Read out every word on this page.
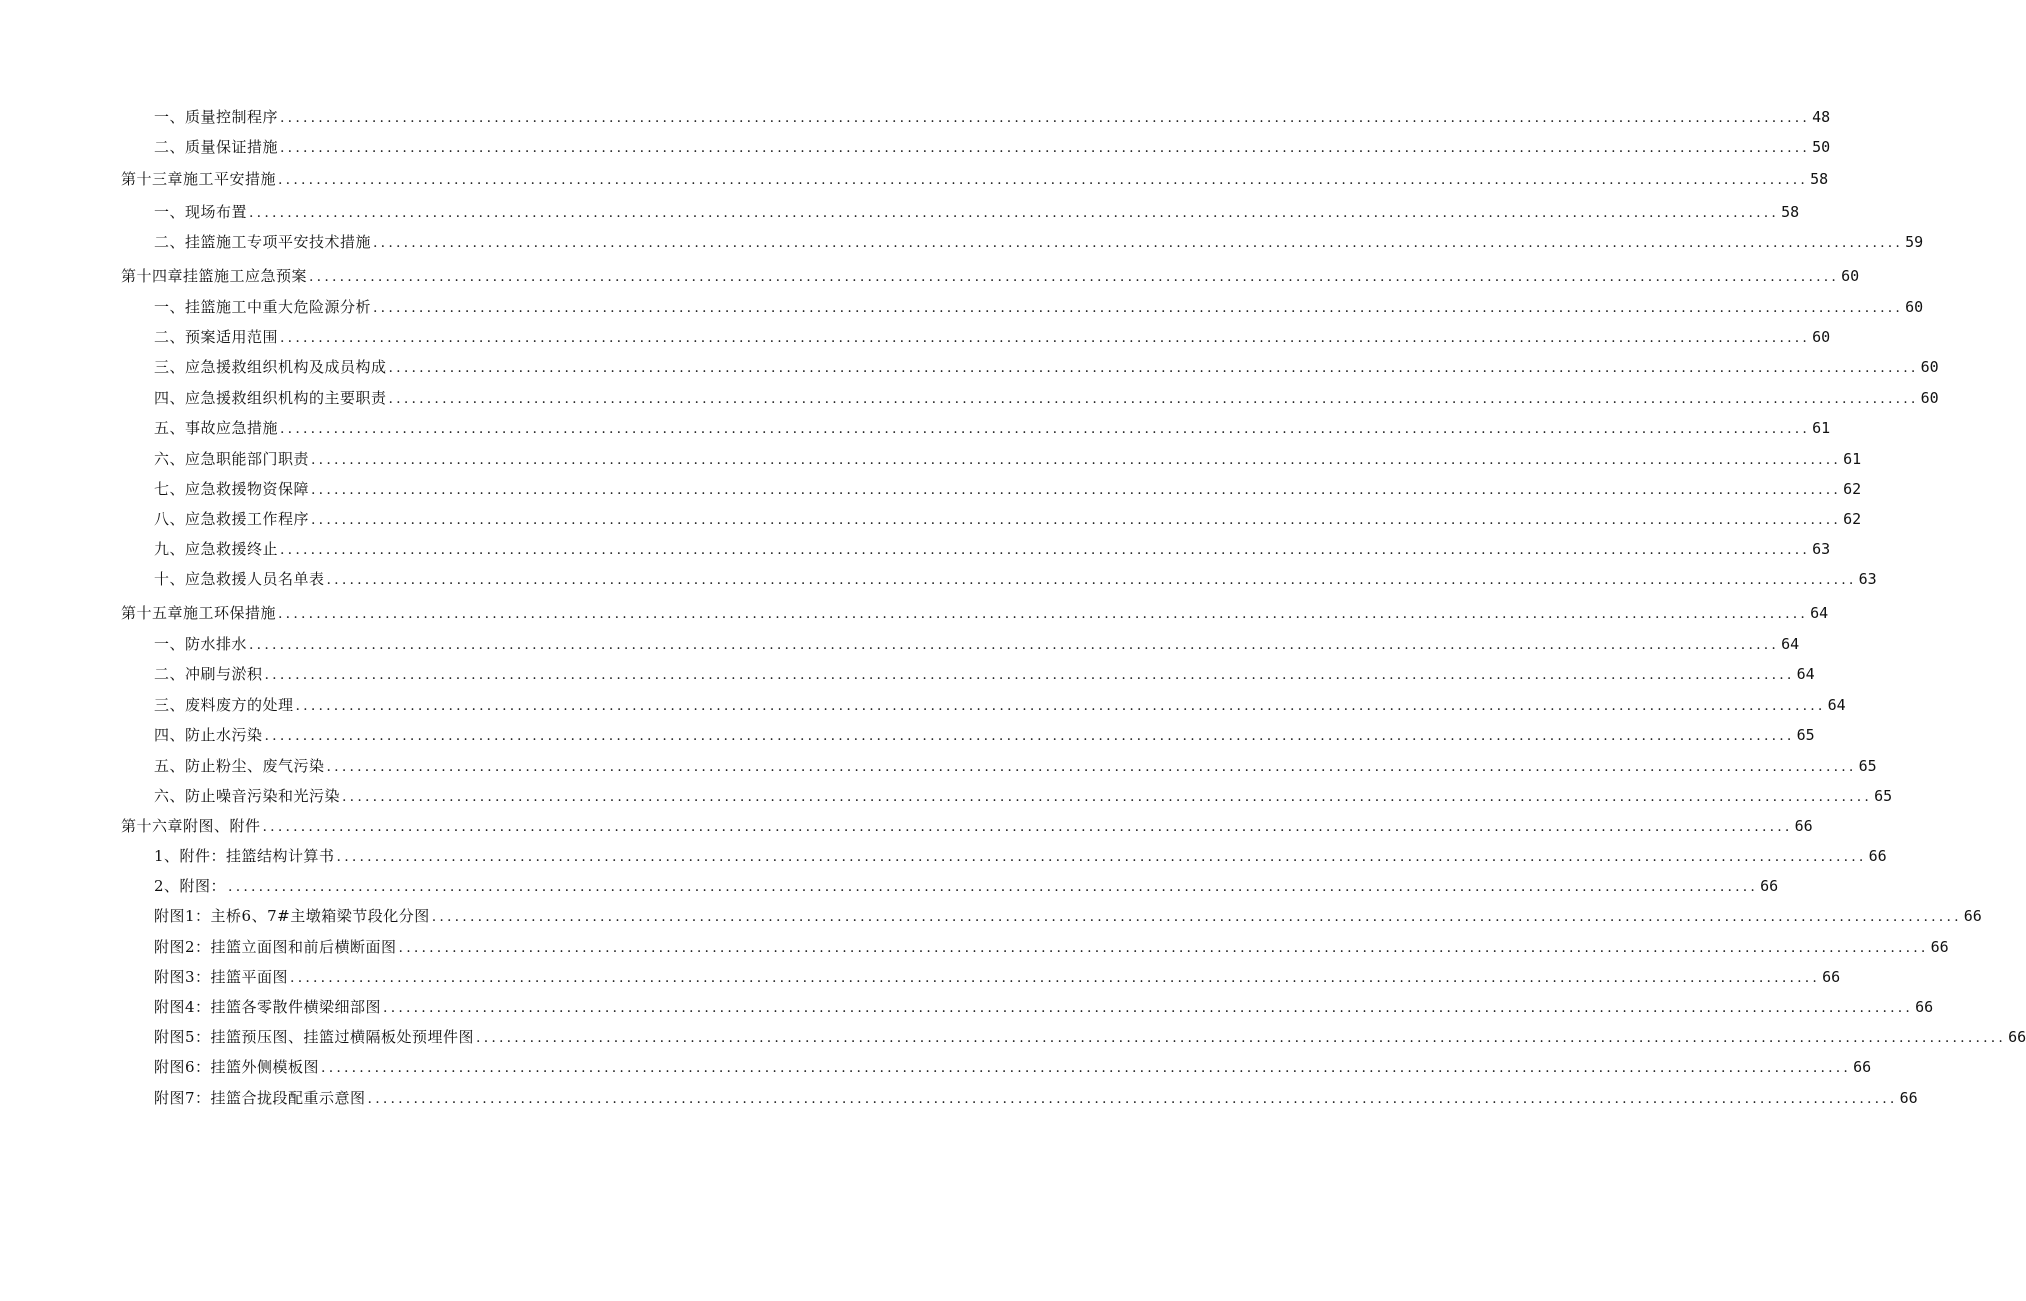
一、质量控制程序 ........................................................................................................................................................................................................ 48
二、质量保证措施 ........................................................................................................................................................................................................ 50
第十三章施工平安措施 ........................................................................................................................................................................................................ 58
一、现场布置 ........................................................................................................................................................................................................ 58
二、挂篮施工专项平安技术措施 ........................................................................................................................................................................................................ 59
第十四章挂篮施工应急预案 ........................................................................................................................................................................................................ 60
一、挂篮施工中重大危险源分析 ........................................................................................................................................................................................................ 60
二、预案适用范围 ........................................................................................................................................................................................................ 60
三、应急援救组织机构及成员构成 ........................................................................................................................................................................................................ 60
四、应急援救组织机构的主要职责 ........................................................................................................................................................................................................ 60
五、事故应急措施 ........................................................................................................................................................................................................ 61
六、应急职能部门职责 ........................................................................................................................................................................................................ 61
七、应急救援物资保障 ........................................................................................................................................................................................................ 62
八、应急救援工作程序 ........................................................................................................................................................................................................ 62
九、应急救援终止 ........................................................................................................................................................................................................ 63
十、应急救援人员名单表 ........................................................................................................................................................................................................ 63
第十五章施工环保措施 ........................................................................................................................................................................................................ 64
一、防水排水 ........................................................................................................................................................................................................ 64
二、冲刷与淤积 ........................................................................................................................................................................................................ 64
三、废料废方的处理 ........................................................................................................................................................................................................ 64
四、防止水污染 ........................................................................................................................................................................................................ 65
五、防止粉尘、废气污染 ........................................................................................................................................................................................................ 65
六、防止噪音污染和光污染 ........................................................................................................................................................................................................ 65
第十六章附图、附件 ........................................................................................................................................................................................................ 66
1、附件：挂篮结构计算书 ........................................................................................................................................................................................................ 66
2、附图： ........................................................................................................................................................................................................ 66
附图1：主桥6、7#主墩箱梁节段化分图 ........................................................................................................................................................................................................ 66
附图2：挂篮立面图和前后横断面图 ........................................................................................................................................................................................................ 66
附图3：挂篮平面图 ........................................................................................................................................................................................................ 66
附图4：挂篮各零散件横梁细部图 ........................................................................................................................................................................................................ 66
附图5：挂篮预压图、挂篮过横隔板处预埋件图 ........................................................................................................................................................................................................ 66
附图6：挂篮外侧模板图 ........................................................................................................................................................................................................ 66
附图7：挂篮合拢段配重示意图 ........................................................................................................................................................................................................ 66
